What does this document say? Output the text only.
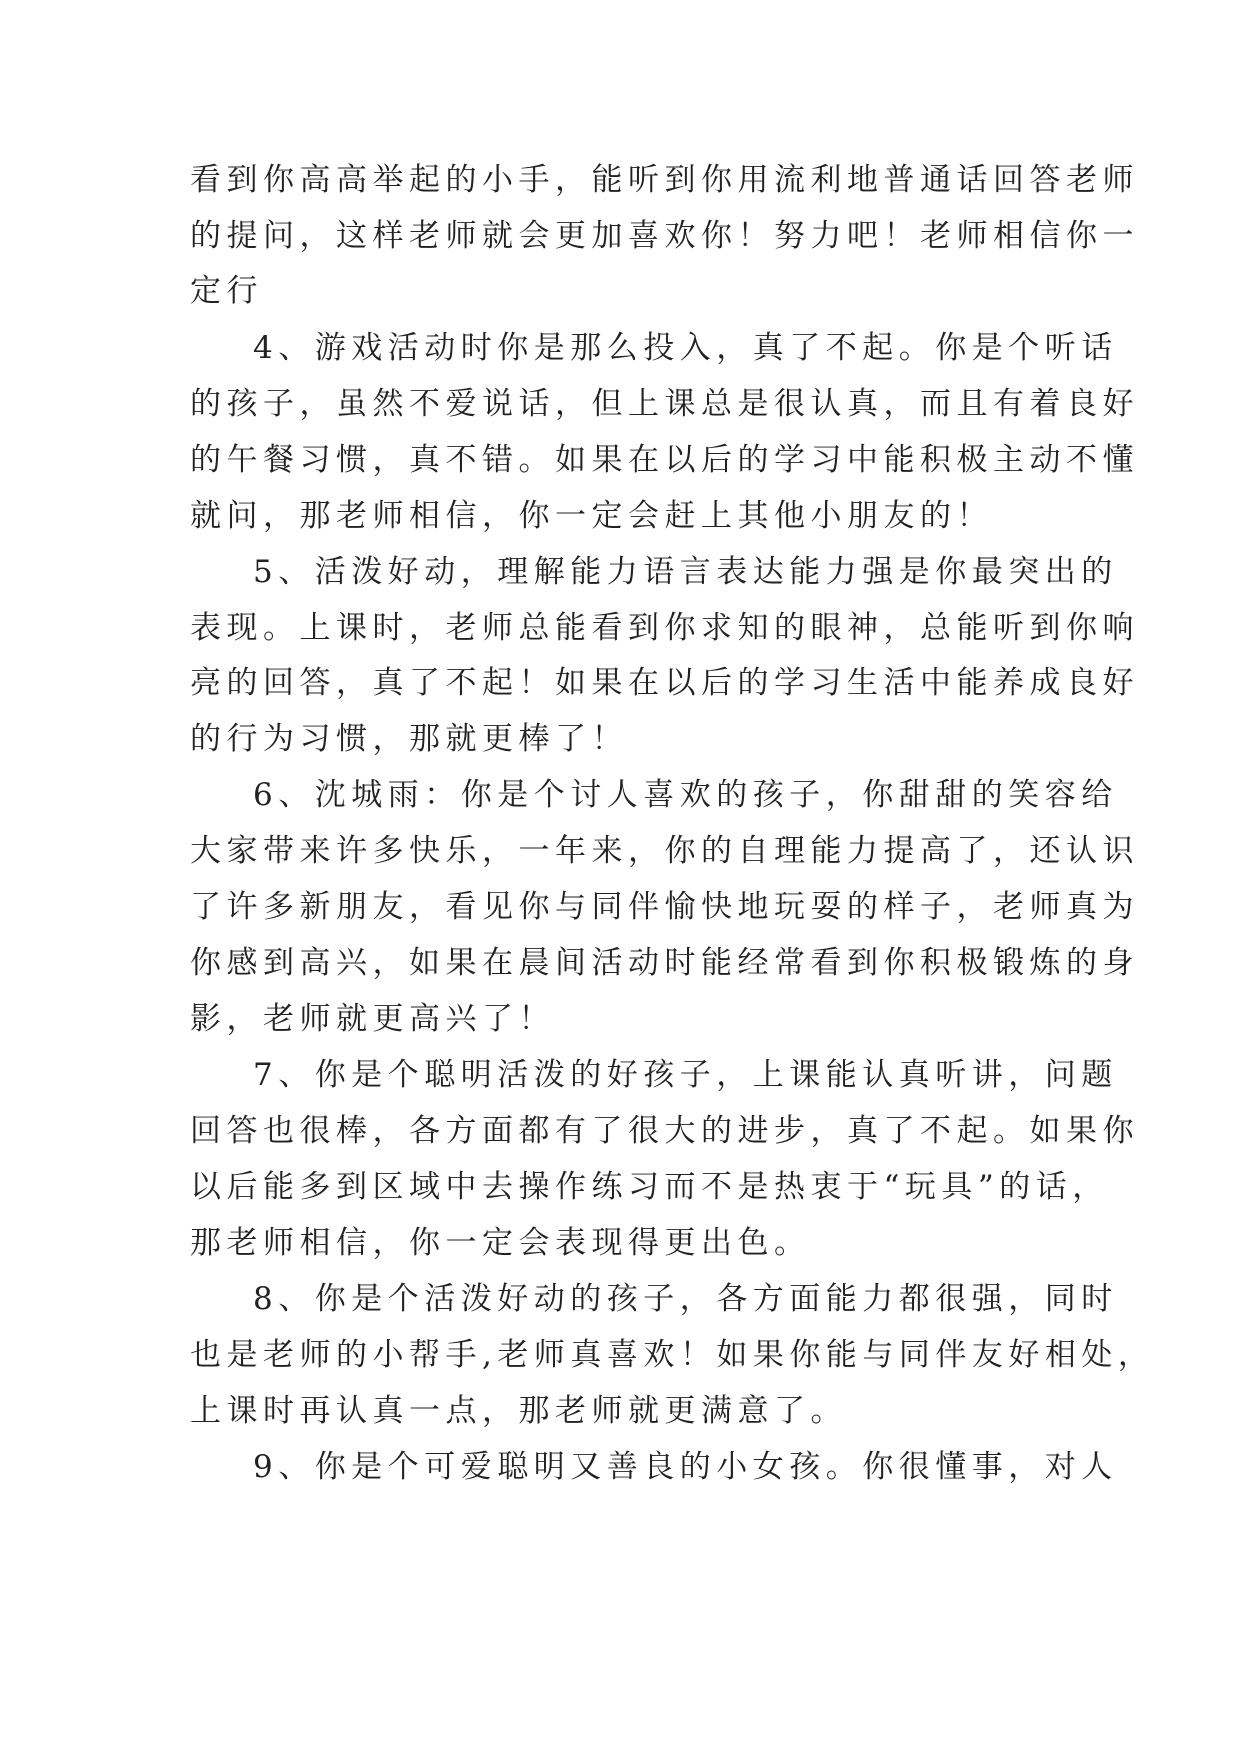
看到你高高举起的小手，能听到你用流利地普通话回答老师
的提问，这样老师就会更加喜欢你！努力吧！老师相信你一
定行
4、游戏活动时你是那么投入，真了不起。你是个听话
的孩子，虽然不爱说话，但上课总是很认真，而且有着良好
的午餐习惯，真不错。如果在以后的学习中能积极主动不懂
就问，那老师相信，你一定会赶上其他小朋友的！
5、活泼好动，理解能力语言表达能力强是你最突出的
表现。上课时，老师总能看到你求知的眼神，总能听到你响
亮的回答，真了不起！如果在以后的学习生活中能养成良好
的行为习惯，那就更棒了！
6、沈城雨：你是个讨人喜欢的孩子，你甜甜的笑容给
大家带来许多快乐，一年来，你的自理能力提高了，还认识
了许多新朋友，看见你与同伴愉快地玩耍的样子，老师真为
你感到高兴，如果在晨间活动时能经常看到你积极锻炼的身
影，老师就更高兴了！
7、你是个聪明活泼的好孩子，上课能认真听讲，问题
回答也很棒，各方面都有了很大的进步，真了不起。如果你
以后能多到区域中去操作练习而不是热衷于“玩具”的话，
那老师相信，你一定会表现得更出色。
8、你是个活泼好动的孩子，各方面能力都很强，同时
也是老师的小帮手,老师真喜欢！如果你能与同伴友好相处，
上课时再认真一点，那老师就更满意了。
9、你是个可爱聪明又善良的小女孩。你很懂事，对人
